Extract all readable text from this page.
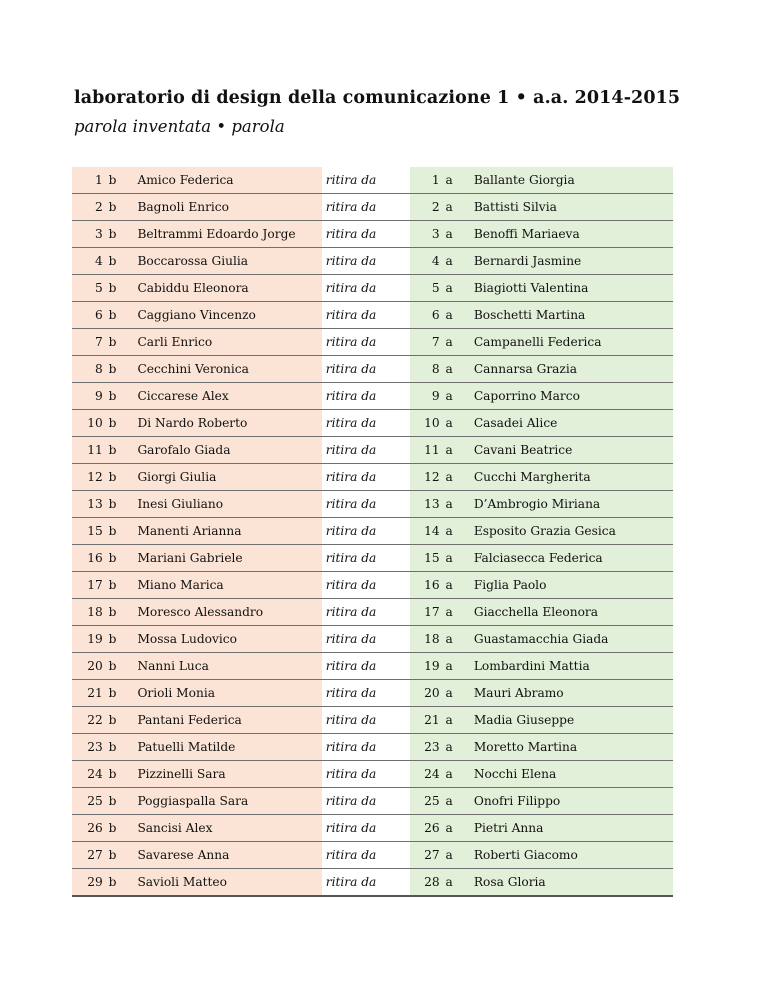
laboratorio di design della comunicazione 1 • a.a. 2014-2015
parola inventata • parola
1 b	Amico Federica	ritira da	1 a	Ballante Giorgia
2 b	Bagnoli Enrico	ritira da	2 a	Battisti Silvia
3 b	Beltrammi Edoardo Jorge	ritira da	3 a	Benoffi Mariaeva
4 b	Boccarossa Giulia	ritira da	4 a	Bernardi Jasmine
5 b	Cabiddu Eleonora	ritira da	5 a	Biagiotti Valentina
6 b	Caggiano Vincenzo	ritira da	6 a	Boschetti Martina
7 b	Carli Enrico	ritira da	7 a	Campanelli Federica
8 b	Cecchini Veronica	ritira da	8 a	Cannarsa Grazia
9 b	Ciccarese Alex	ritira da	9 a	Caporrino Marco
10 b	Di Nardo Roberto	ritira da	10 a	Casadei Alice
11 b	Garofalo Giada	ritira da	11 a	Cavani Beatrice
12 b	Giorgi Giulia	ritira da	12 a	Cucchi Margherita
13 b	Inesi Giuliano	ritira da	13 a	D’Ambrogio Miriana
15 b	Manenti Arianna	ritira da	14 a	Esposito Grazia Gesica
16 b	Mariani Gabriele	ritira da	15 a	Falciasecca Federica
17 b	Miano Marica	ritira da	16 a	Figlia Paolo
18 b	Moresco Alessandro	ritira da	17 a	Giacchella Eleonora
19 b	Mossa Ludovico	ritira da	18 a	Guastamacchia Giada
20 b	Nanni Luca	ritira da	19 a	Lombardini Mattia
21 b	Orioli Monia	ritira da	20 a	Mauri Abramo
22 b	Pantani Federica	ritira da	21 a	Madia Giuseppe
23 b	Patuelli Matilde	ritira da	23 a	Moretto Martina
24 b	Pizzinelli Sara	ritira da	24 a	Nocchi Elena
25 b	Poggiaspalla Sara	ritira da	25 a	Onofri Filippo
26 b	Sancisi Alex	ritira da	26 a	Pietri Anna
27 b	Savarese Anna	ritira da	27 a	Roberti Giacomo
29 b	Savioli Matteo	ritira da	28 a	Rosa Gloria
